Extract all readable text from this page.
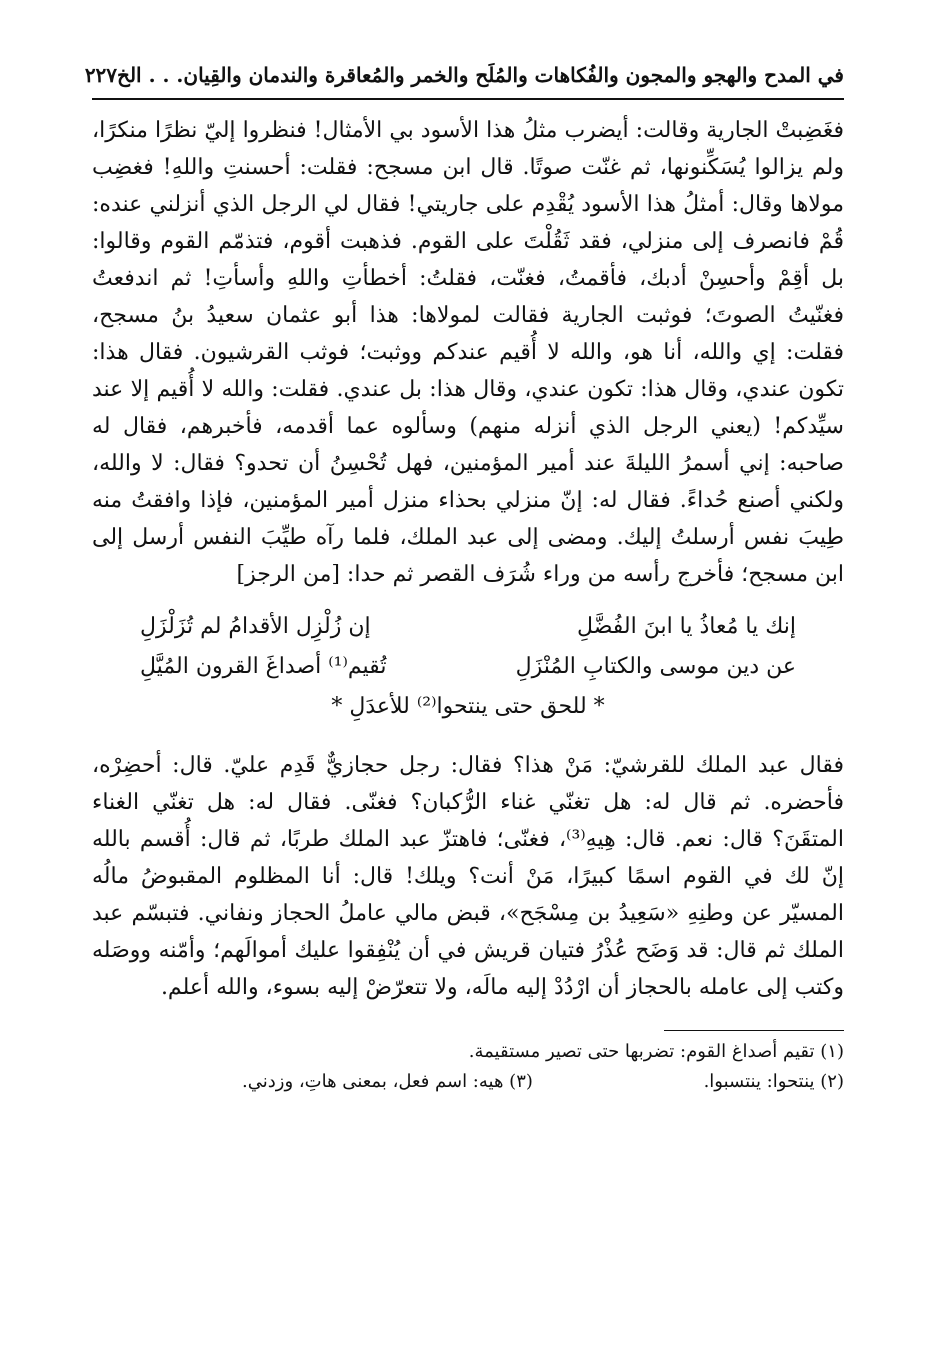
في المدح والهجو والمجون والفُكاهات والمُلَح والخمر والمُعاقرة والندمان والقِيان. . . الخ
٢٢٧

فغَضِبتْ الجارية وقالت: أيضرب مثلُ هذا الأسود بي الأمثال! فنظروا إليّ نظرًا منكرًا، ولم يزالوا يُسَكِّنونها، ثم غنّت صوتًا. قال ابن مسجح: فقلت: أحسنتِ واللهِ! فغضِب مولاها وقال: أمثلُ هذا الأسود يُقْدِم على جاريتي! فقال لي الرجل الذي أنزلني عنده: قُمْ فانصرف إلى منزلي، فقد ثَقُلْتَ على القوم. فذهبت أقوم، فتذمّم القوم وقالوا: بل أقِمْ وأحسِنْ أدبك، فأقمتُ، فغنّت، فقلتُ: أخطأتِ واللهِ وأسأتِ! ثم اندفعتُ فغنّيتُ الصوتَ؛ فوثبت الجارية فقالت لمولاها: هذا أبو عثمان سعيدُ بنُ مسجح، فقلت: إي والله، أنا هو، والله لا أُقيم عندكم ووثبت؛ فوثب القرشيون. فقال هذا: تكون عندي، وقال هذا: تكون عندي، وقال هذا: بل عندي. فقلت: والله لا أُقيم إلا عند سيِّدكم! (يعني الرجل الذي أنزله منهم) وسألوه عما أقدمه، فأخبرهم، فقال له صاحبه: إني أسمرُ الليلةَ عند أمير المؤمنين، فهل تُحْسِنُ أن تحدو؟ فقال: لا والله، ولكني أصنع حُداءً. فقال له: إنّ منزلي بحذاء منزل أمير المؤمنين، فإذا وافقتُ منه طِيبَ نفس أرسلتُ إليك. ومضى إلى عبد الملك، فلما رآه طيِّبَ النفس أرسل إلى ابن مسجح؛ فأخرج رأسه من وراء شُرَف القصر ثم حدا: [من الرجز]

إنك يا مُعاذُ يا ابنَ الفُضَّلِ
إن زُلْزِل الأقدامُ لم تُزَلْزَلِ
عن دين موسى والكتابِ المُنْزَلِ
تُقيم⁽¹⁾ أصداغَ القرون المُيَّلِ
* للحق حتى ينتحوا⁽²⁾ للأعدَلِ *

فقال عبد الملك للقرشيّ: مَنْ هذا؟ فقال: رجل حجازيٌّ قَدِم عليّ. قال: أحضِرْه، فأحضره. ثم قال له: هل تغنّي غناء الرُّكبان؟ فغنّى. فقال له: هل تغنّي الغناء المتقَنَ؟ قال: نعم. قال: هِيهِ⁽³⁾، فغنّى؛ فاهتزّ عبد الملك طربًا، ثم قال: أُقسم بالله إنّ لك في القوم اسمًا كبيرًا، مَنْ أنت؟ ويلك! قال: أنا المظلوم المقبوضُ مالُه المسيّر عن وطنِهِ «سَعِيدُ بن مِسْجَح»، قبض مالي عاملُ الحجاز ونفاني. فتبسّم عبد الملك ثم قال: قد وَضَح عُذْرُ فتيان قريش في أن يُنْفِقوا عليك أموالَهم؛ وأمّنه ووصَله وكتب إلى عامله بالحجاز أن ارْدُدْ إليه مالَه، ولا تتعرّضْ إليه بسوء، والله أعلم.

(١) تقيم أصداغ القوم: تضربها حتى تصير مستقيمة.
(٢) ينتحوا: ينتسبوا.
(٣) هيه: اسم فعل، بمعنى هاتِ، وزدني.
